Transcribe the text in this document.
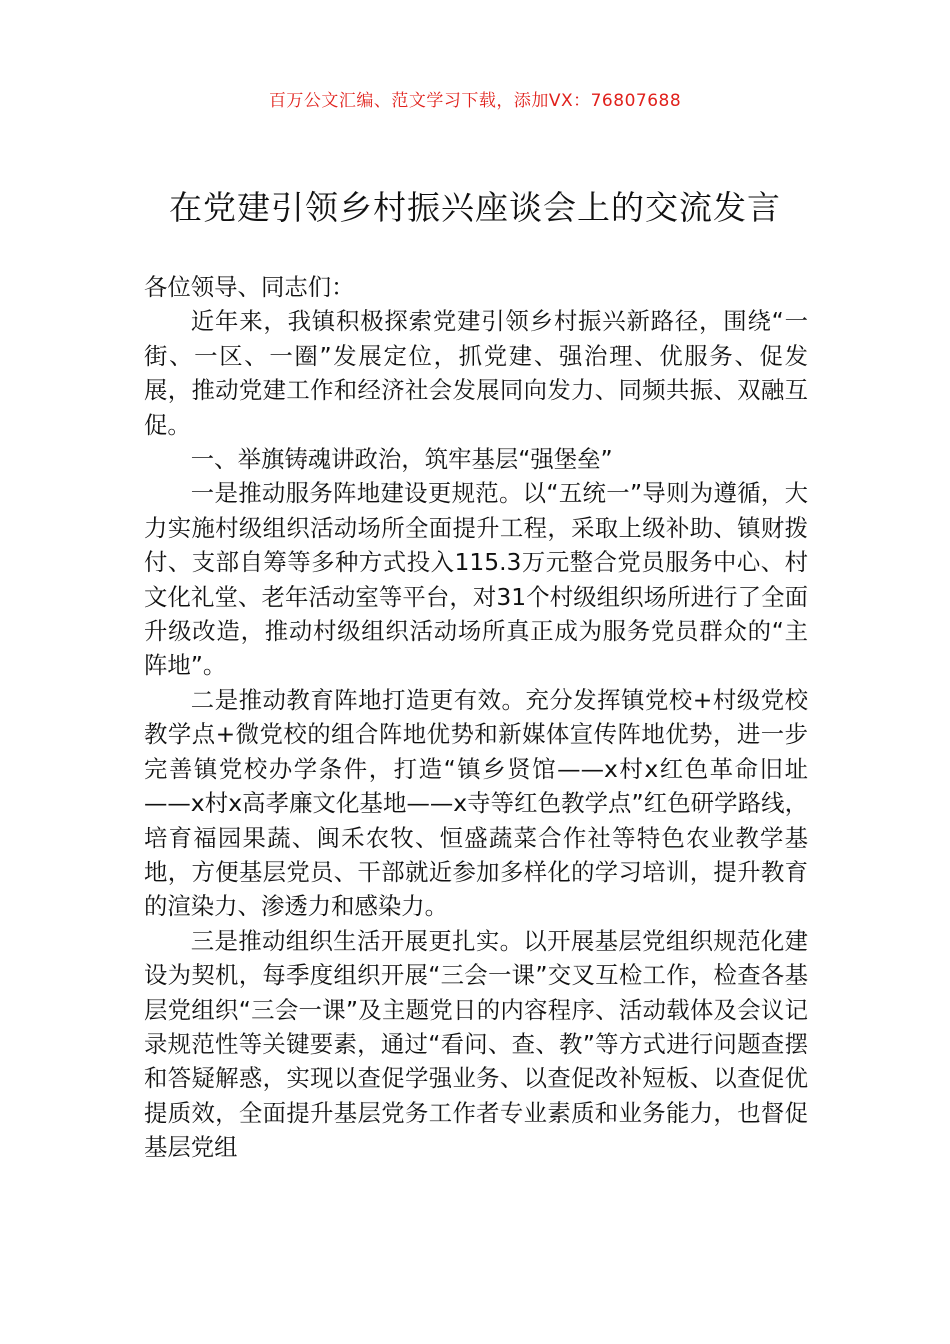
百万公文汇编、范文学习下载，添加VX：76807688
在党建引领乡村振兴座谈会上的交流发言

各位领导、同志们：

近年来，我镇积极探索党建引领乡村振兴新路径，围绕“一街、一区、一圈”发展定位，抓党建、强治理、优服务、促发展，推动党建工作和经济社会发展同向发力、同频共振、双融互促。

一、举旗铸魂讲政治，筑牢基层“强堡垒”

一是推动服务阵地建设更规范。以“五统一”导则为遵循，大力实施村级组织活动场所全面提升工程，采取上级补助、镇财拨付、支部自筹等多种方式投入115.3万元整合党员服务中心、村文化礼堂、老年活动室等平台，对31个村级组织场所进行了全面升级改造，推动村级组织活动场所真正成为服务党员群众的“主阵地”。

二是推动教育阵地打造更有效。充分发挥镇党校+村级党校教学点+微党校的组合阵地优势和新媒体宣传阵地优势，进一步完善镇党校办学条件，打造“镇乡贤馆——x村x红色革命旧址——x村x高孝廉文化基地——x寺等红色教学点”红色研学路线，培育福园果蔬、闽禾农牧、恒盛蔬菜合作社等特色农业教学基地，方便基层党员、干部就近参加多样化的学习培训，提升教育的渲染力、渗透力和感染力。

三是推动组织生活开展更扎实。以开展基层党组织规范化建设为契机，每季度组织开展“三会一课”交叉互检工作，检查各基层党组织“三会一课”及主题党日的内容程序、活动载体及会议记录规范性等关键要素，通过“看问、查、教”等方式进行问题查摆和答疑解惑，实现以查促学强业务、以查促改补短板、以查促优提质效，全面提升基层党务工作者专业素质和业务能力，也督促基层党组
